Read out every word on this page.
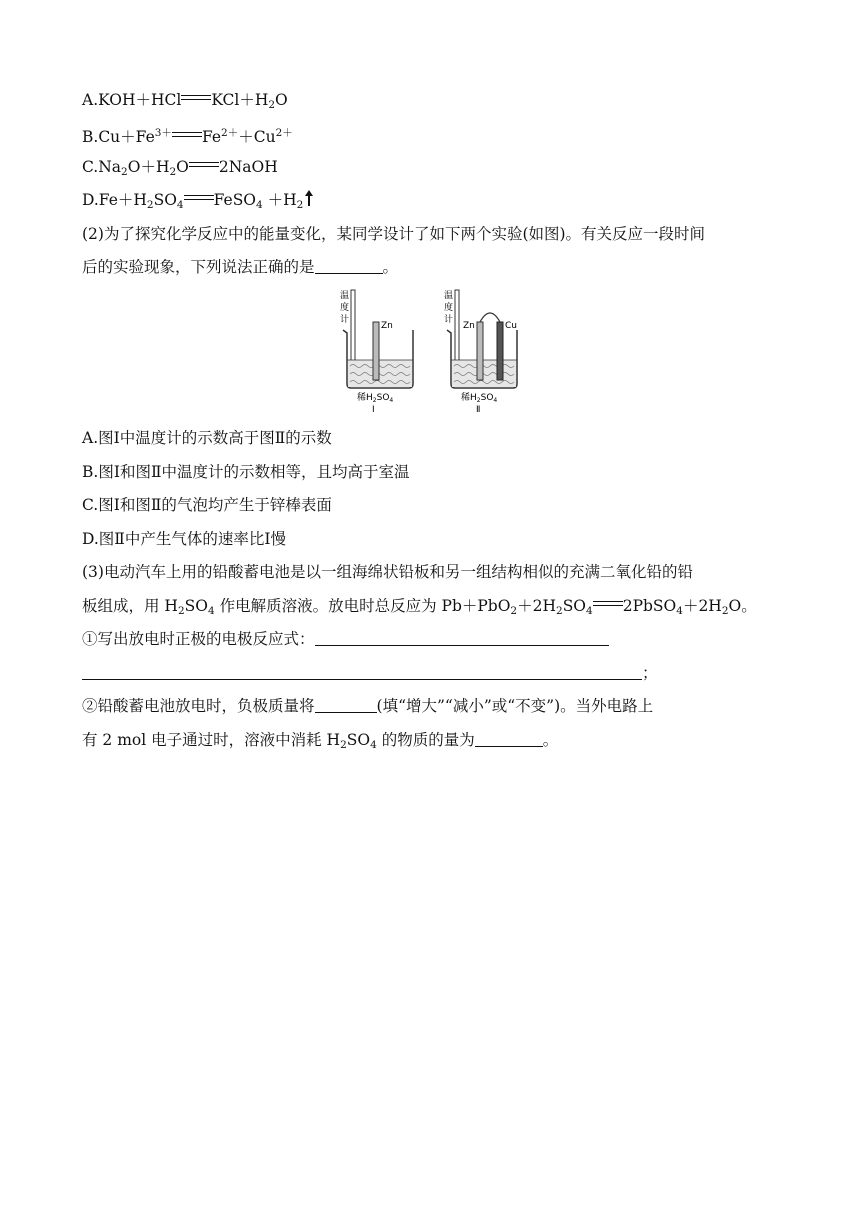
A.KOH＋HCl $KCl+H_2O$
$B.Cu+Fe^{3+}$ $Fe^{2+}+Cu^{2+}$
$C.Na_2O+H_2O$ 2NaOH
$D.Fe+H_2SO_4$ FeSO$_4$ $+H_2$
(2)为了探究化学反应中的能量变化，某同学设计了如下两个实验(如图)。有关反应一段时间
后的实验现象，下列说法正确的是	。
温
度
计
Zn
稀$H_2SO_4$
Ⅰ
温
度
计
Zn	Cu
稀$H_2SO_4$
Ⅱ
A.图Ⅰ中温度计的示数高于图Ⅱ的示数
B.图Ⅰ和图Ⅱ中温度计的示数相等，且均高于室温
C.图Ⅰ和图Ⅱ的气泡均产生于锌棒表面
D.图Ⅱ中产生气体的速率比Ⅰ慢
(3)电动汽车上用的铅酸蓄电池是以一组海绵状铅板和另一组结构相似的充满二氧化铅的铅
板组成，用 $H_2SO_4$ 作电解质溶液。放电时总反应为 $Pb+PbO_2+2H_2SO_4$ $2PbSO_4+2H_2O$。
①写出放电时正极的电极反应式：
；
②铅酸蓄电池放电时，负极质量将	(填“增大”“减小”或“不变”)。当外电路上
有 2 mol 电子通过时，溶液中消耗 $H_2SO_4$ 的物质的量为	。
